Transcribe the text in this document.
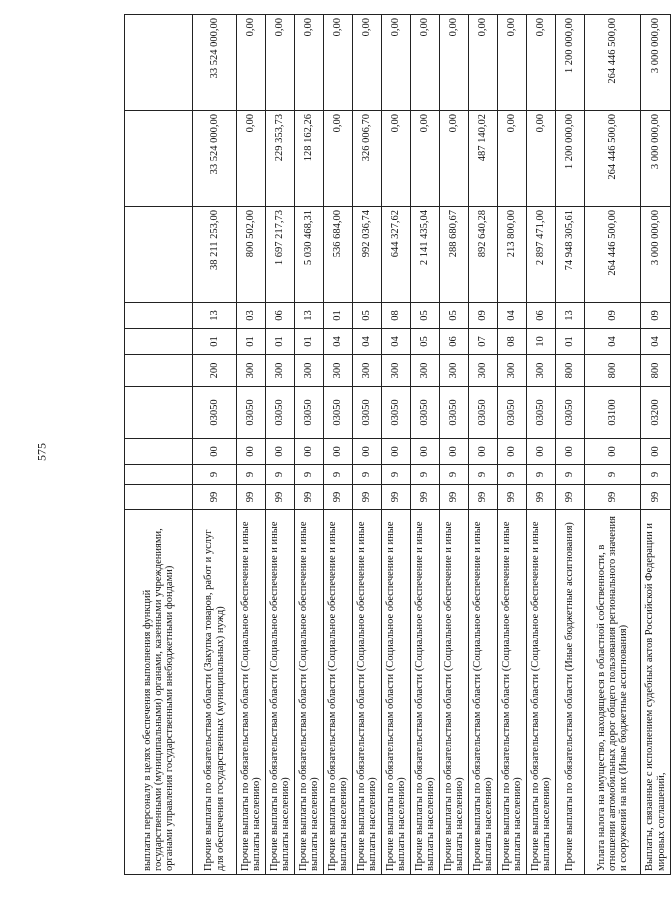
575
выплаты персоналу в целях обеспечения выполнения функций государственными (муниципальными) органами, казенными учреждениями, органами управления государственными внебюджетными фондами)										
Прочие выплаты по обязательствам области (Закупка товаров, работ и услуг для обеспечения государственных (муниципальных) нужд)	99	9	00	03050	200	01	13	38 211 253,00	33 524 000,00	33 524 000,00
Прочие выплаты по обязательствам области (Социальное обеспечение и иные выплаты населению)	99	9	00	03050	300	01	03	800 502,00	0,00	0,00
Прочие выплаты по обязательствам области (Социальное обеспечение и иные выплаты населению)	99	9	00	03050	300	01	06	1 697 217,73	229 353,73	0,00
Прочие выплаты по обязательствам области (Социальное обеспечение и иные выплаты населению)	99	9	00	03050	300	01	13	5 030 468,31	128 162,26	0,00
Прочие выплаты по обязательствам области (Социальное обеспечение и иные выплаты населению)	99	9	00	03050	300	04	01	536 684,00	0,00	0,00
Прочие выплаты по обязательствам области (Социальное обеспечение и иные выплаты населению)	99	9	00	03050	300	04	05	992 036,74	326 006,70	0,00
Прочие выплаты по обязательствам области (Социальное обеспечение и иные выплаты населению)	99	9	00	03050	300	04	08	644 327,62	0,00	0,00
Прочие выплаты по обязательствам области (Социальное обеспечение и иные выплаты населению)	99	9	00	03050	300	05	05	2 141 435,04	0,00	0,00
Прочие выплаты по обязательствам области (Социальное обеспечение и иные выплаты населению)	99	9	00	03050	300	06	05	288 680,67	0,00	0,00
Прочие выплаты по обязательствам области (Социальное обеспечение и иные выплаты населению)	99	9	00	03050	300	07	09	892 640,28	487 140,02	0,00
Прочие выплаты по обязательствам области (Социальное обеспечение и иные выплаты населению)	99	9	00	03050	300	08	04	213 800,00	0,00	0,00
Прочие выплаты по обязательствам области (Социальное обеспечение и иные выплаты населению)	99	9	00	03050	300	10	06	2 897 471,00	0,00	0,00
Прочие выплаты по обязательствам области (Иные бюджетные ассигнования)	99	9	00	03050	800	01	13	74 948 305,61	1 200 000,00	1 200 000,00
Уплата налога на имущество, находящееся в областной собственности, в отношении автомобильных дорог общего пользования регионального значения и сооружений на них (Иные бюджетные ассигнования)	99	9	00	03100	800	04	09	264 446 500,00	264 446 500,00	264 446 500,00
Выплаты, связанные с исполнением судебных актов Российской Федерации и мировых соглашений,	99	9	00	03200	800	04	09	3 000 000,00	3 000 000,00	3 000 000,00
